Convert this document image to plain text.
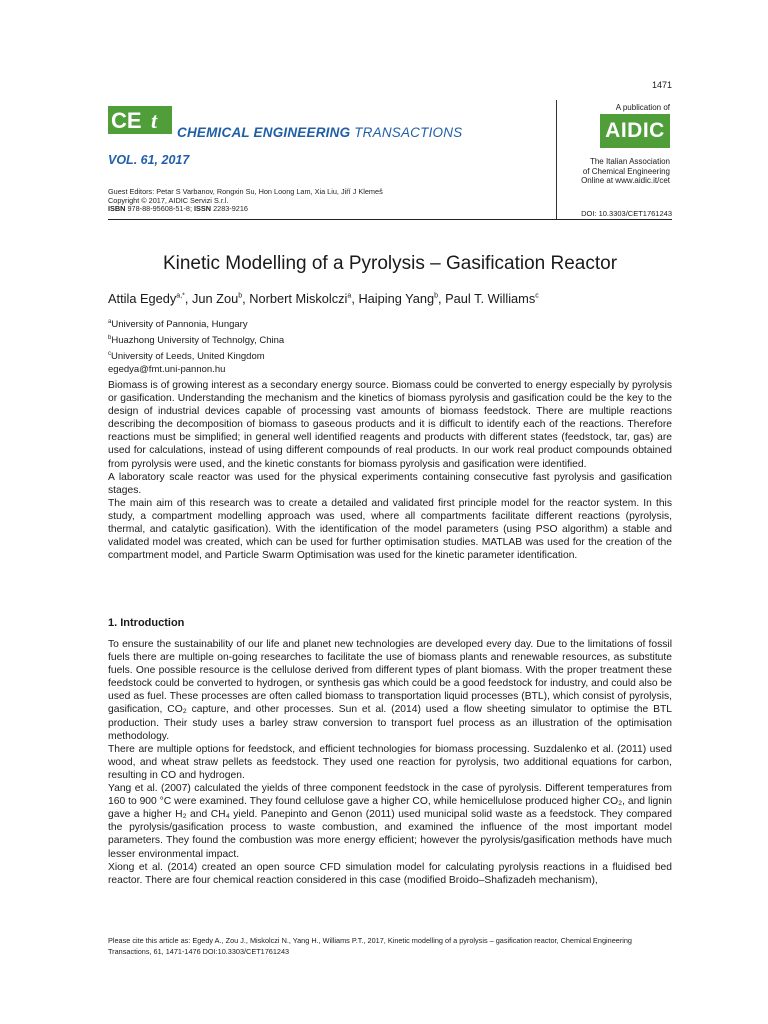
1471
CE t CHEMICAL ENGINEERING TRANSACTIONS
VOL. 61, 2017
A publication of
AIDIC
The Italian Association
of Chemical Engineering
Online at www.aidic.it/cet
Guest Editors: Petar S Varbanov, Rongxin Su, Hon Loong Lam, Xia Liu, Jiří J Klemeš
Copyright © 2017, AIDIC Servizi S.r.l.
ISBN 978-88-95608-51-8; ISSN 2283-9216
DOI: 10.3303/CET1761243
Kinetic Modelling of a Pyrolysis – Gasification Reactor
Attila Egedy$^{a,*}$, Jun Zou$^b$, Norbert Miskolczi$^a$, Haiping Yang$^b$, Paul T. Williams$^c$
$^a$University of Pannonia, Hungary
$^b$Huazhong University of Technolgy, China
$^c$University of Leeds, United Kingdom
egedya@fmt.uni-pannon.hu

Biomass is of growing interest as a secondary energy source. Biomass could be converted to energy especially by pyrolysis or gasification. Understanding the mechanism and the kinetics of biomass pyrolysis and gasification could be the key to the design of industrial devices capable of processing vast amounts of biomass feedstock. There are multiple reactions describing the decomposition of biomass to gaseous products and it is difficult to identify each of the reactions. Therefore reactions must be simplified; in general well identified reagents and products with different states (feedstock, tar, gas) are used for calculations, instead of using different compounds of real products. In our work real product compounds obtained from pyrolysis were used, and the kinetic constants for biomass pyrolysis and gasification were identified.

A laboratory scale reactor was used for the physical experiments containing consecutive fast pyrolysis and gasification stages.

The main aim of this research was to create a detailed and validated first principle model for the reactor system. In this study, a compartment modelling approach was used, where all compartments facilitate different reactions (pyrolysis, thermal, and catalytic gasification). With the identification of the model parameters (using PSO algorithm) a stable and validated model was created, which can be used for further optimisation studies. MATLAB was used for the creation of the compartment model, and Particle Swarm Optimisation was used for the kinetic parameter identification.

1. Introduction

To ensure the sustainability of our life and planet new technologies are developed every day. Due to the limitations of fossil fuels there are multiple on-going researches to facilitate the use of biomass plants and renewable resources, as substitute fuels. One possible resource is the cellulose derived from different types of plant biomass. With the proper treatment these feedstock could be converted to hydrogen, or synthesis gas which could be a good feedstock for industry, and could also be used as fuel. These processes are often called biomass to transportation liquid processes (BTL), which consist of pyrolysis, gasification, CO₂ capture, and other processes. Sun et al. (2014) used a flow sheeting simulator to optimise the BTL production. Their study uses a barley straw conversion to transport fuel process as an illustration of the optimisation methodology.

There are multiple options for feedstock, and efficient technologies for biomass processing. Suzdalenko et al. (2011) used wood, and wheat straw pellets as feedstock. They used one reaction for pyrolysis, two additional equations for carbon, resulting in CO and hydrogen.

Yang et al. (2007) calculated the yields of three component feedstock in the case of pyrolysis. Different temperatures from 160 to 900 °C were examined. They found cellulose gave a higher CO, while hemicellulose produced higher CO₂, and lignin gave a higher H₂ and CH₄ yield. Panepinto and Genon (2011) used municipal solid waste as a feedstock. They compared the pyrolysis/gasification process to waste combustion, and examined the influence of the most important model parameters. They found the combustion was more energy efficient; however the pyrolysis/gasification methods have much lesser environmental impact.

Xiong et al. (2014) created an open source CFD simulation model for calculating pyrolysis reactions in a fluidised bed reactor. There are four chemical reaction considered in this case (modified Broido–Shafizadeh mechanism),

Please cite this article as: Egedy A., Zou J., Miskolczi N., Yang H., Williams P.T., 2017, Kinetic modelling of a pyrolysis – gasification reactor, Chemical Engineering Transactions, 61, 1471-1476 DOI:10.3303/CET1761243
